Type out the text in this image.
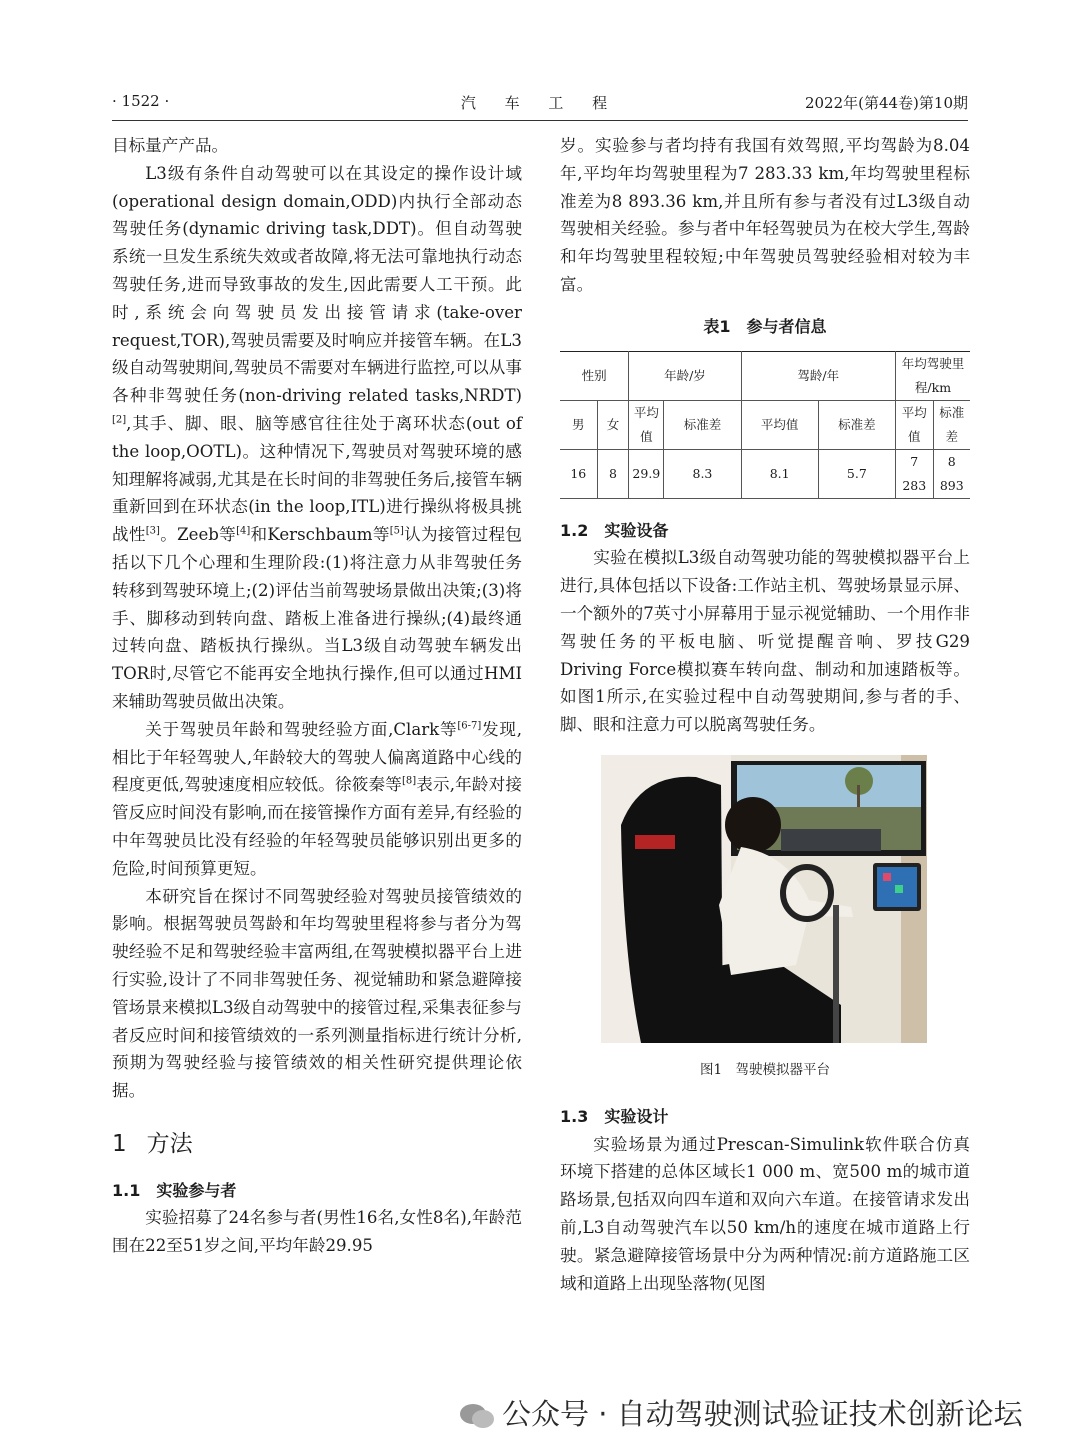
· 1522 ·	汽 车 工 程	2022年(第44卷)第10期

目标量产产品。

L3级有条件自动驾驶可以在其设定的操作设计域(operational design domain,ODD)内执行全部动态驾驶任务(dynamic driving task,DDT)。但自动驾驶系统一旦发生系统失效或者故障,将无法可靠地执行动态驾驶任务,进而导致事故的发生,因此需要人工干预。此时,系统会向驾驶员发出接管请求(take-over request,TOR),驾驶员需要及时响应并接管车辆。在L3级自动驾驶期间,驾驶员不需要对车辆进行监控,可以从事各种非驾驶任务(non-driving related tasks,NRDT)[2],其手、脚、眼、脑等感官往往处于离环状态(out of the loop,OOTL)。这种情况下,驾驶员对驾驶环境的感知理解将减弱,尤其是在长时间的非驾驶任务后,接管车辆重新回到在环状态(in the loop,ITL)进行操纵将极具挑战性[3]。Zeeb等[4]和Kerschbaum等[5]认为接管过程包括以下几个心理和生理阶段:(1)将注意力从非驾驶任务转移到驾驶环境上;(2)评估当前驾驶场景做出决策;(3)将手、脚移动到转向盘、踏板上准备进行操纵;(4)最终通过转向盘、踏板执行操纵。当L3级自动驾驶车辆发出TOR时,尽管它不能再安全地执行操作,但可以通过HMI来辅助驾驶员做出决策。

关于驾驶员年龄和驾驶经验方面,Clark等[6-7]发现,相比于年轻驾驶人,年龄较大的驾驶人偏离道路中心线的程度更低,驾驶速度相应较低。徐筱秦等[8]表示,年龄对接管反应时间没有影响,而在接管操作方面有差异,有经验的中年驾驶员比没有经验的年轻驾驶员能够识别出更多的危险,时间预算更短。

本研究旨在探讨不同驾驶经验对驾驶员接管绩效的影响。根据驾驶员驾龄和年均驾驶里程将参与者分为驾驶经验不足和驾驶经验丰富两组,在驾驶模拟器平台上进行实验,设计了不同非驾驶任务、视觉辅助和紧急避障接管场景来模拟L3级自动驾驶中的接管过程,采集表征参与者反应时间和接管绩效的一系列测量指标进行统计分析,预期为驾驶经验与接管绩效的相关性研究提供理论依据。

1 方法
1.1 实验参与者

实验招募了24名参与者(男性16名,女性8名),年龄范围在22至51岁之间,平均年龄29.95

岁。实验参与者均持有我国有效驾照,平均驾龄为8.04年,平均年均驾驶里程为7 283.33 km,年均驾驶里程标准差为8 893.36 km,并且所有参与者没有过L3级自动驾驶相关经验。参与者中年轻驾驶员为在校大学生,驾龄和年均驾驶里程较短;中年驾驶员驾驶经验相对较为丰富。

表1　参与者信息
性别		年龄/岁		驾龄/年		年均驾驶里程/km	
男	女	平均值	标准差	平均值	标准差	平均值	标准差
16	8	29.9	8.3	8.1	5.7	7 283	8 893
1.2 实验设备

实验在模拟L3级自动驾驶功能的驾驶模拟器平台上进行,具体包括以下设备:工作站主机、驾驶场景显示屏、一个额外的7英寸小屏幕用于显示视觉辅助、一个用作非驾驶任务的平板电脑、听觉提醒音响、罗技G29 Driving Force模拟赛车转向盘、制动和加速踏板等。如图1所示,在实验过程中自动驾驶期间,参与者的手、脚、眼和注意力可以脱离驾驶任务。

图1　驾驶模拟器平台
1.3 实验设计

实验场景为通过Prescan-Simulink软件联合仿真环境下搭建的总体区域长1 000 m、宽500 m的城市道路场景,包括双向四车道和双向六车道。在接管请求发出前,L3自动驾驶汽车以50 km/h的速度在城市道路上行驶。紧急避障接管场景中分为两种情况:前方道路施工区域和道路上出现坠落物(见图

公众号 · 自动驾驶测试验证技术创新论坛
